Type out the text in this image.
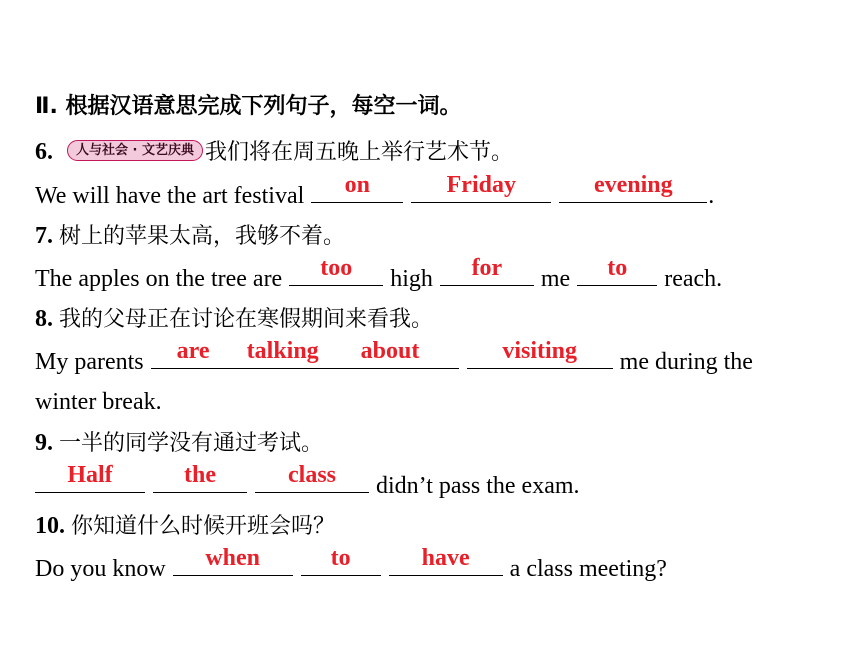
Ⅱ. 根据汉语意思完成下列句子，每空一词。
6. 人与社会 · 文艺庆典 我们将在周五晚上举行艺术节。
We will have the art festival	on
	Friday
	evening	.
7. 树上的苹果太高，我够不着。
The apples on the tree are	too	high	for	me	to	reach.
8. 我的父母正在讨论在寒假期间来看我。
My parents are talking about

	visiting	me during the
winter break.
9. 一半的同学没有通过考试。
Half
	the
	class	didn’t pass the exam.
10. 你知道什么时候开班会吗？
Do you know	when
	to
	have	a class meeting?
